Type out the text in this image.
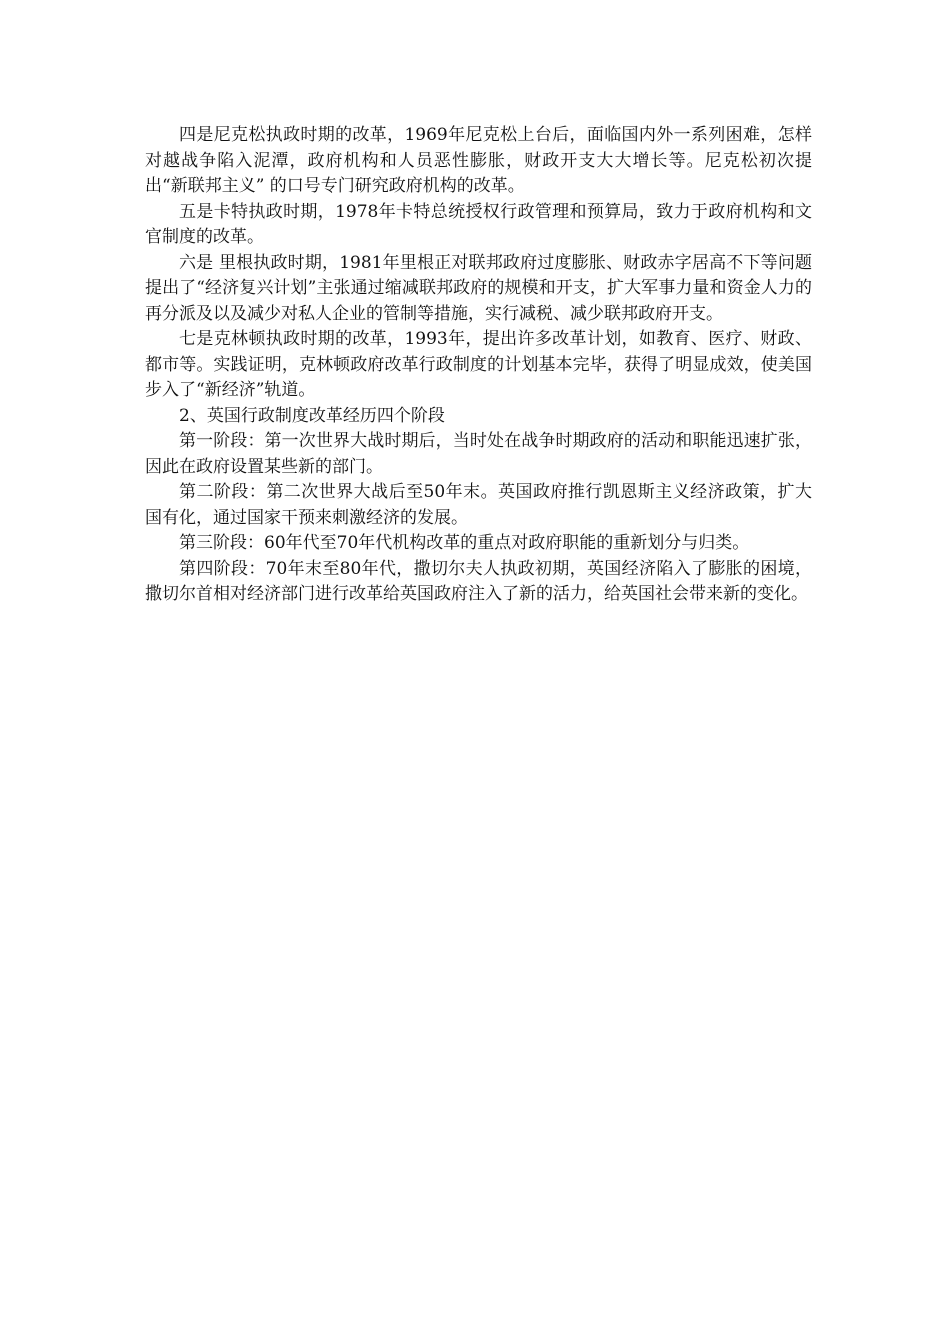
四是尼克松执政时期的改革，1969年尼克松上台后，面临国内外一系列困难，怎样对越战争陷入泥潭，政府机构和人员恶性膨胀，财政开支大大增长等。尼克松初次提出“新联邦主义” 的口号专门研究政府机构的改革。

五是卡特执政时期，1978年卡特总统授权行政管理和预算局，致力于政府机构和文官制度的改革。

六是 里根执政时期，1981年里根正对联邦政府过度膨胀、财政赤字居高不下等问题提出了“经济复兴计划”主张通过缩减联邦政府的规模和开支，扩大军事力量和资金人力的再分派及以及减少对私人企业的管制等措施，实行减税、减少联邦政府开支。

七是克林顿执政时期的改革，1993年，提出许多改革计划，如教育、医疗、财政、都市等。实践证明，克林顿政府改革行政制度的计划基本完毕，获得了明显成效，使美国步入了“新经济”轨道。

2、英国行政制度改革经历四个阶段

第一阶段：第一次世界大战时期后，当时处在战争时期政府的活动和职能迅速扩张，因此在政府设置某些新的部门。

第二阶段：第二次世界大战后至50年末。英国政府推行凯恩斯主义经济政策，扩大国有化，通过国家干预来刺激经济的发展。

第三阶段：60年代至70年代机构改革的重点对政府职能的重新划分与归类。

第四阶段：70年末至80年代，撒切尔夫人执政初期，英国经济陷入了膨胀的困境，撒切尔首相对经济部门进行改革给英国政府注入了新的活力，给英国社会带来新的变化。
